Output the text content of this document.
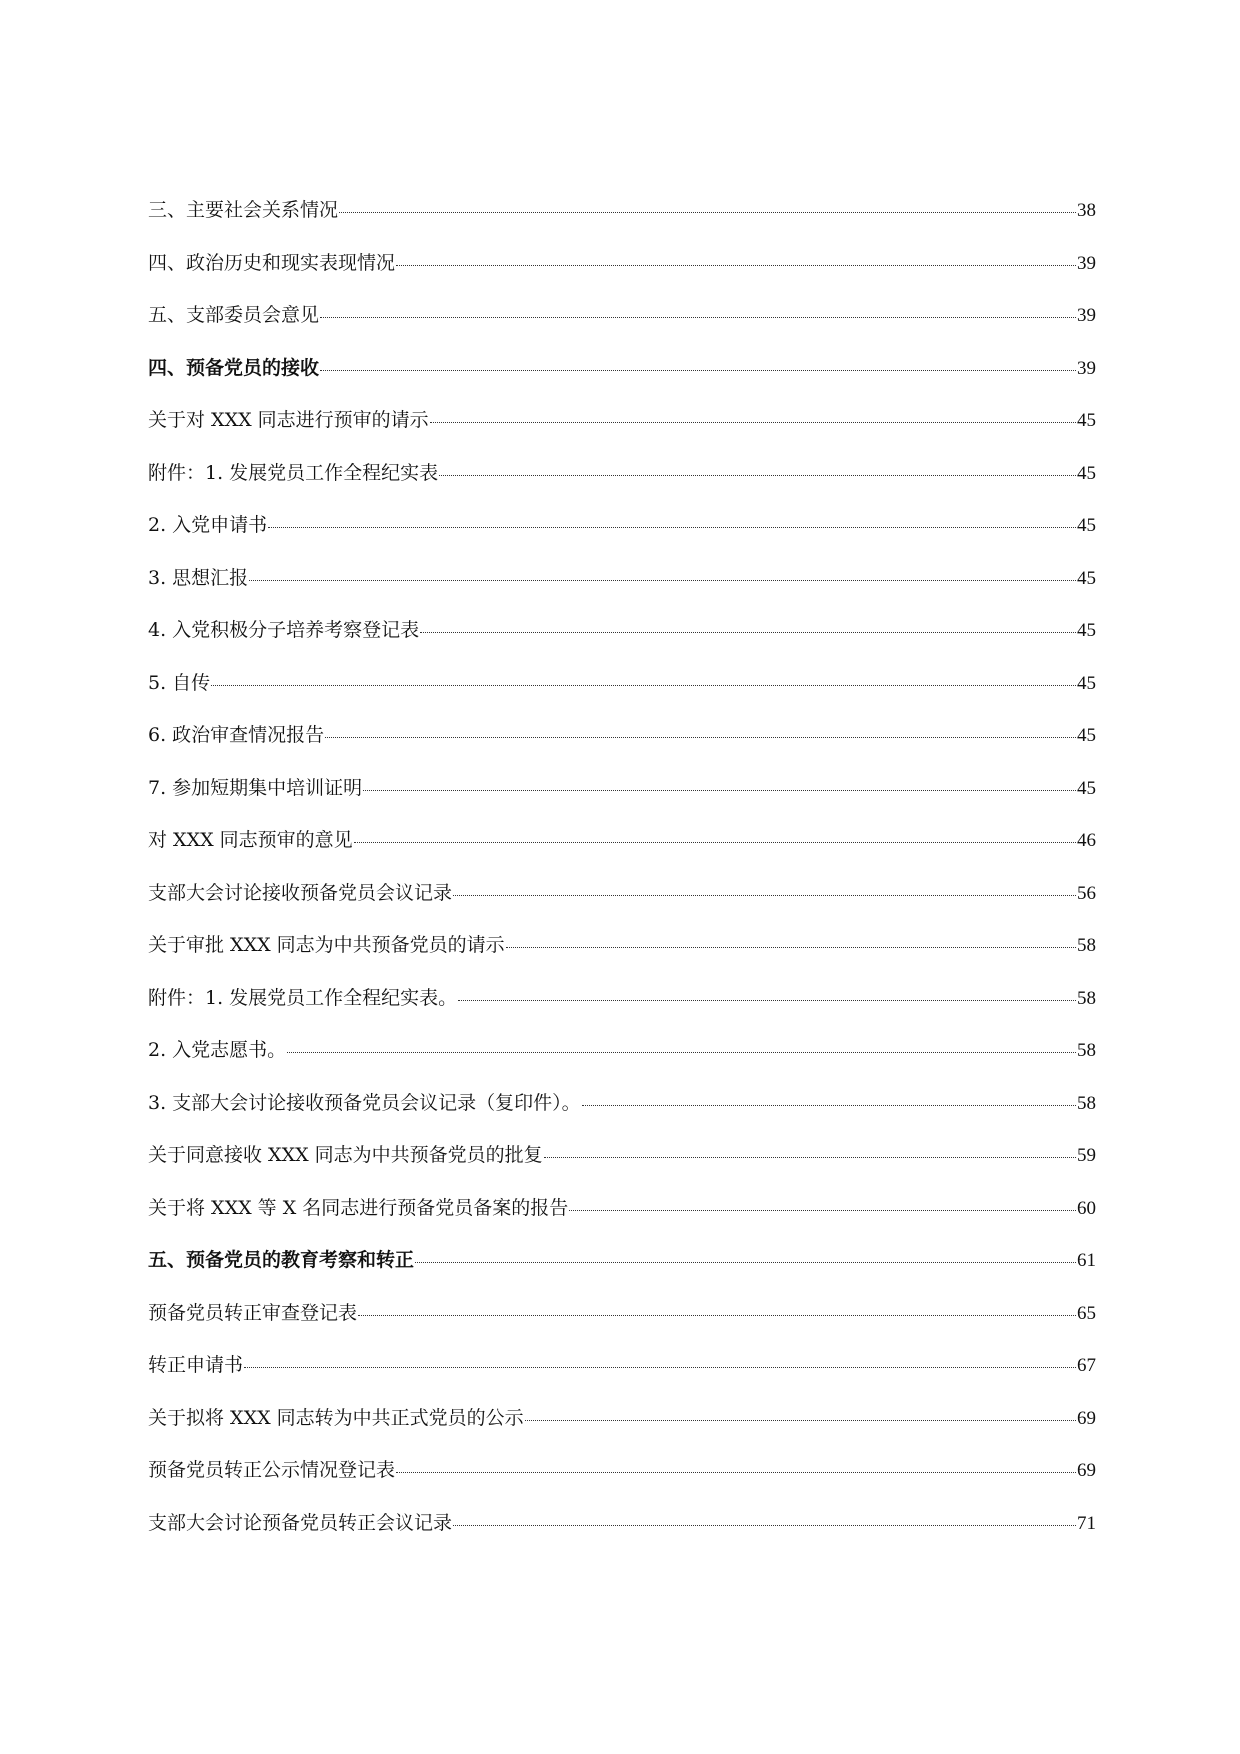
三、主要社会关系情况	38
四、政治历史和现实表现情况	39
五、支部委员会意见	39
四、预备党员的接收	39
关于对 XXX 同志进行预审的请示	45
附件：1. 发展党员工作全程纪实表	45
2. 入党申请书	45
3. 思想汇报	45
4. 入党积极分子培养考察登记表	45
5. 自传	45
6. 政治审查情况报告	45
7. 参加短期集中培训证明	45
对 XXX 同志预审的意见	46
支部大会讨论接收预备党员会议记录	56
关于审批 XXX 同志为中共预备党员的请示	58
附件：1. 发展党员工作全程纪实表。	58
2. 入党志愿书。	58
3. 支部大会讨论接收预备党员会议记录（复印件）。	58
关于同意接收 XXX 同志为中共预备党员的批复	59
关于将 XXX 等 X 名同志进行预备党员备案的报告	60
五、预备党员的教育考察和转正	61
预备党员转正审查登记表	65
转正申请书	67
关于拟将 XXX 同志转为中共正式党员的公示	69
预备党员转正公示情况登记表	69
支部大会讨论预备党员转正会议记录	71
